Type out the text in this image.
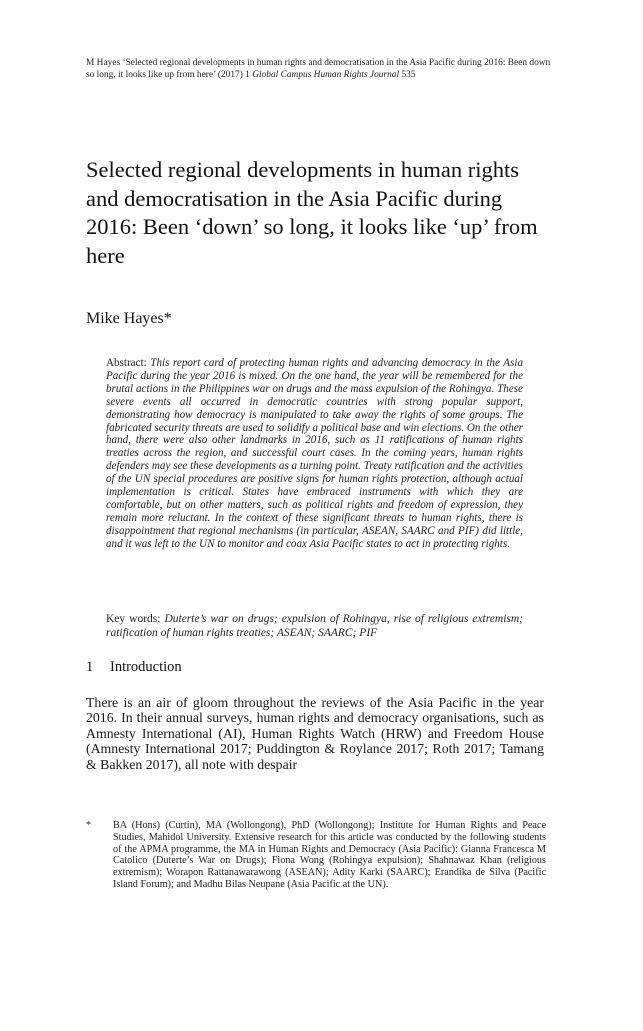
M Hayes ‘Selected regional developments in human rights and democratisation in the Asia Pacific during 2016: Been down so long, it looks like up from here’ (2017) 1 Global Campus Human Rights Journal 535
Selected regional developments in human rights and democratisation in the Asia Pacific during 2016: Been ‘down’ so long, it looks like ‘up’ from here
Mike Hayes*

Abstract: This report card of protecting human rights and advancing democracy in the Asia Pacific during the year 2016 is mixed. On the one hand, the year will be remembered for the brutal actions in the Philippines war on drugs and the mass expulsion of the Rohingya. These severe events all occurred in democratic countries with strong popular support, demonstrating how democracy is manipulated to take away the rights of some groups. The fabricated security threats are used to solidify a political base and win elections. On the other hand, there were also other landmarks in 2016, such as 11 ratifications of human rights treaties across the region, and successful court cases. In the coming years, human rights defenders may see these developments as a turning point. Treaty ratification and the activities of the UN special procedures are positive signs for human rights protection, although actual implementation is critical. States have embraced instruments with which they are comfortable, but on other matters, such as political rights and freedom of expression, they remain more reluctant. In the context of these significant threats to human rights, there is disappointment that regional mechanisms (in particular, ASEAN, SAARC and PIF) did little, and it was left to the UN to monitor and coax Asia Pacific states to act in protecting rights.

Key words: Duterte’s war on drugs; expulsion of Rohingya, rise of religious extremism; ratification of human rights treaties; ASEAN; SAARC; PIF

1 Introduction

There is an air of gloom throughout the reviews of the Asia Pacific in the year 2016. In their annual surveys, human rights and democracy organisations, such as Amnesty International (AI), Human Rights Watch (HRW) and Freedom House (Amnesty International 2017; Puddington & Roylance 2017; Roth 2017; Tamang & Bakken 2017), all note with despair

* BA (Hons) (Curtin), MA (Wollongong), PhD (Wollongong); Institute for Human Rights and Peace Studies, Mahidol University. Extensive research for this article was conducted by the following students of the APMA programme, the MA in Human Rights and Democracy (Asia Pacific): Gianna Francesca M Catolico (Duterte’s War on Drugs); Fiona Wong (Rohingya expulsion); Shahnawaz Khan (religious extremism); Worapon Rattanawarawong (ASEAN); Adity Karki (SAARC); Erandika de Silva (Pacific Island Forum); and Madhu Bilas Neupane (Asia Pacific at the UN).
